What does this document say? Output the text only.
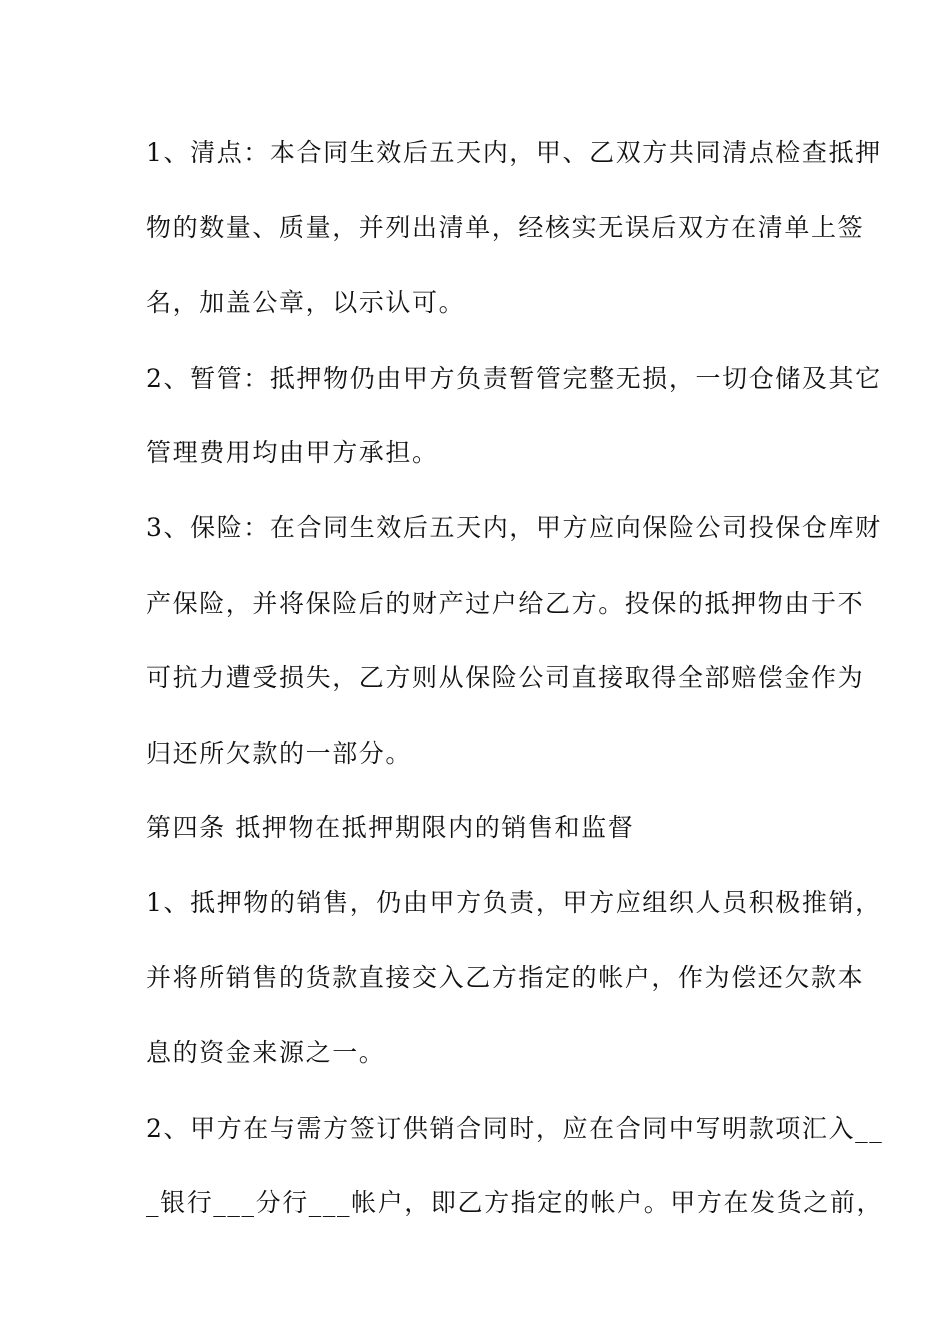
1、清点：本合同生效后五天内，甲、乙双方共同清点检查抵押
物的数量、质量，并列出清单，经核实无误后双方在清单上签
名，加盖公章，以示认可。
2、暂管：抵押物仍由甲方负责暂管完整无损，一切仓储及其它
管理费用均由甲方承担。
3、保险：在合同生效后五天内，甲方应向保险公司投保仓库财
产保险，并将保险后的财产过户给乙方。投保的抵押物由于不
可抗力遭受损失，乙方则从保险公司直接取得全部赔偿金作为
归还所欠款的一部分。
第四条 抵押物在抵押期限内的销售和监督
1、抵押物的销售，仍由甲方负责，甲方应组织人员积极推销，
并将所销售的货款直接交入乙方指定的帐户，作为偿还欠款本
息的资金来源之一。
2、甲方在与需方签订供销合同时，应在合同中写明款项汇入__
_银行___分行___帐户，即乙方指定的帐户。甲方在发货之前，
